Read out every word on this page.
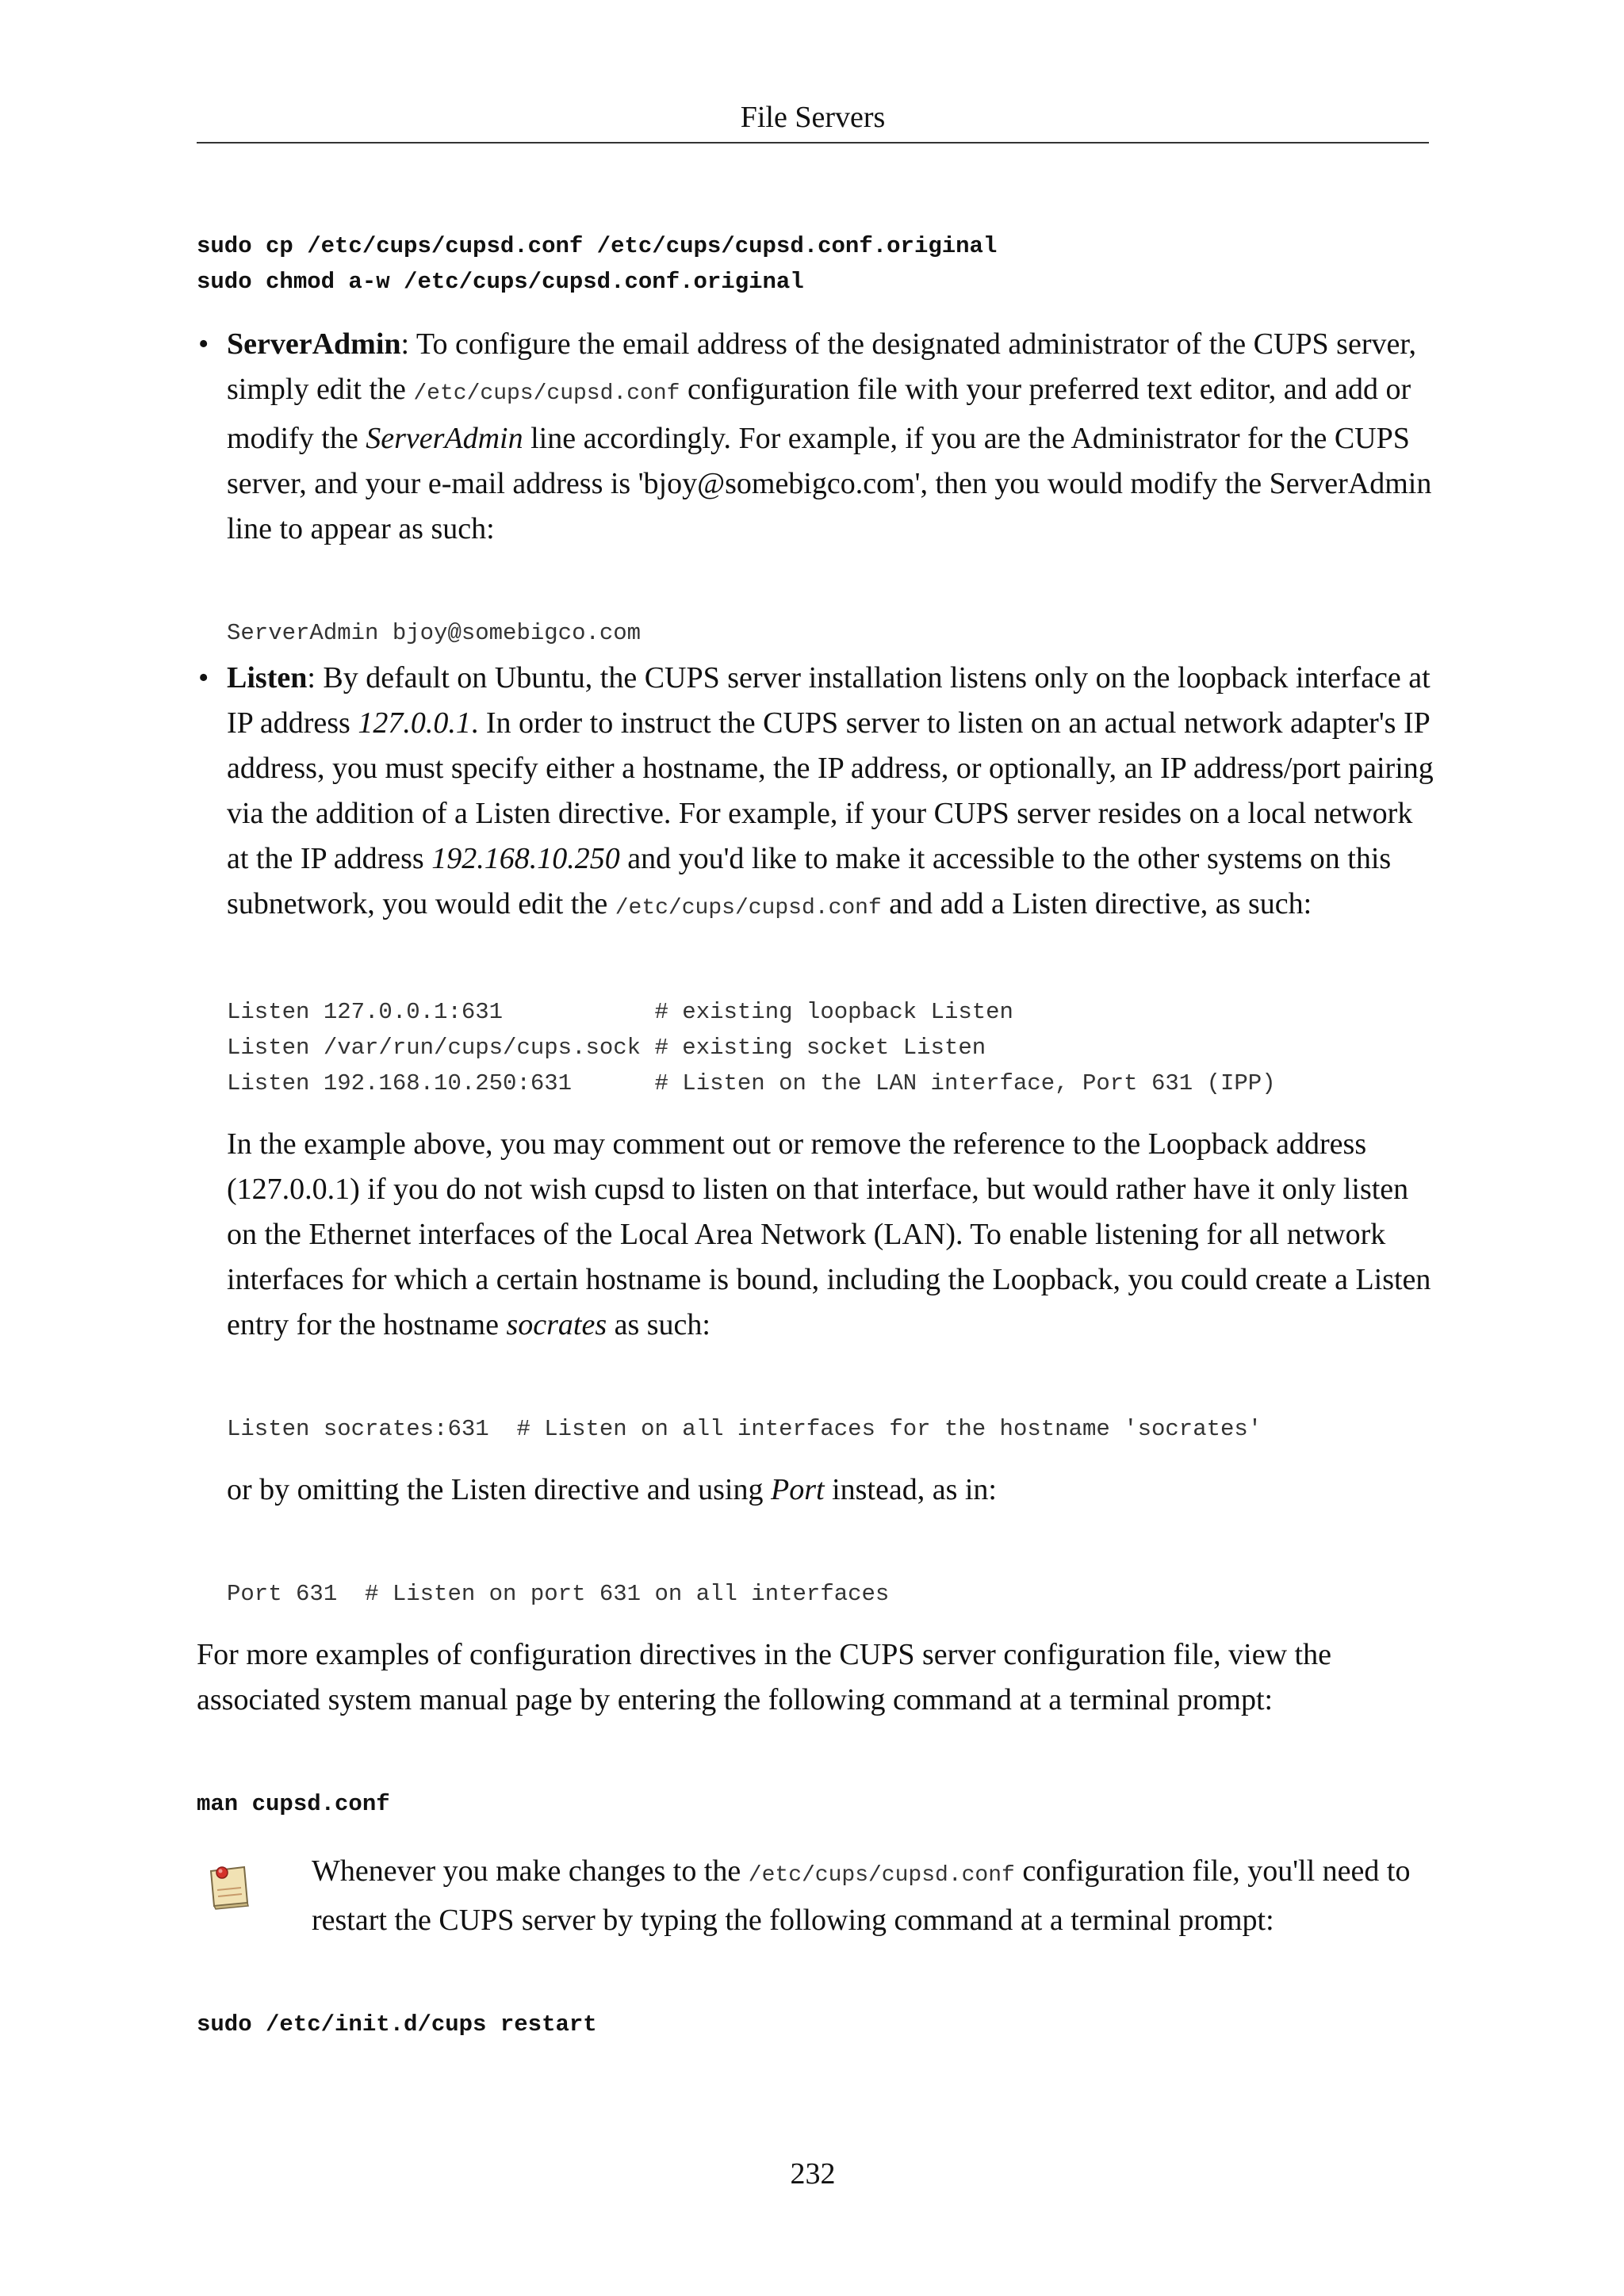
File Servers
sudo cp /etc/cups/cupsd.conf /etc/cups/cupsd.conf.original
sudo chmod a-w /etc/cups/cupsd.conf.original
• ServerAdmin: To configure the email address of the designated administrator of the CUPS server, simply edit the /etc/cups/cupsd.conf configuration file with your preferred text editor, and add or modify the ServerAdmin line accordingly. For example, if you are the Administrator for the CUPS server, and your e-mail address is 'bjoy@somebigco.com', then you would modify the ServerAdmin line to appear as such:

ServerAdmin bjoy@somebigco.com
• Listen: By default on Ubuntu, the CUPS server installation listens only on the loopback interface at IP address 127.0.0.1. In order to instruct the CUPS server to listen on an actual network adapter's IP address, you must specify either a hostname, the IP address, or optionally, an IP address/port pairing via the addition of a Listen directive. For example, if your CUPS server resides on a local network at the IP address 192.168.10.250 and you'd like to make it accessible to the other systems on this subnetwork, you would edit the /etc/cups/cupsd.conf and add a Listen directive, as such:

Listen 127.0.0.1:631           # existing loopback Listen
Listen /var/run/cups/cups.sock # existing socket Listen
Listen 192.168.10.250:631      # Listen on the LAN interface, Port 631 (IPP)

In the example above, you may comment out or remove the reference to the Loopback address (127.0.0.1) if you do not wish cupsd to listen on that interface, but would rather have it only listen on the Ethernet interfaces of the Local Area Network (LAN). To enable listening for all network interfaces for which a certain hostname is bound, including the Loopback, you could create a Listen entry for the hostname socrates as such:

Listen socrates:631  # Listen on all interfaces for the hostname 'socrates'

or by omitting the Listen directive and using Port instead, as in:

Port 631  # Listen on port 631 on all interfaces

For more examples of configuration directives in the CUPS server configuration file, view the associated system manual page by entering the following command at a terminal prompt:

man cupsd.conf

Whenever you make changes to the /etc/cups/cupsd.conf configuration file, you'll need to restart the CUPS server by typing the following command at a terminal prompt:

sudo /etc/init.d/cups restart
232
